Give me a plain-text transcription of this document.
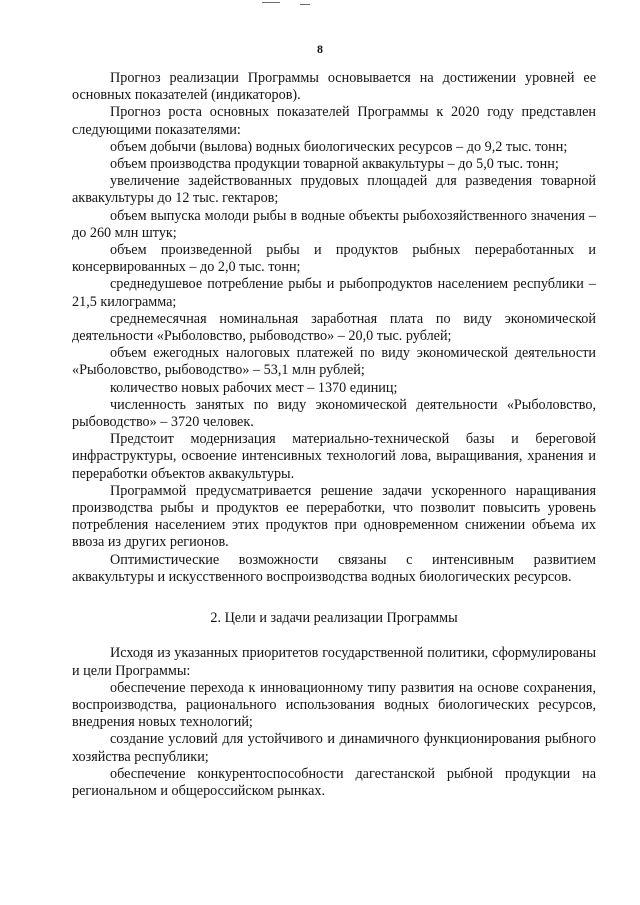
8

Прогноз реализации Программы основывается на достижении уровней ее основных показателей (индикаторов).

Прогноз роста основных показателей Программы к 2020 году представлен следующими показателями:

объем добычи (вылова) водных биологических ресурсов – до 9,2 тыс. тонн;

объем производства продукции товарной аквакультуры – до 5,0 тыс. тонн;

увеличение задействованных прудовых площадей для разведения товарной аквакультуры до 12 тыс. гектаров;

объем выпуска молоди рыбы в водные объекты рыбохозяйственного значения – до 260 млн штук;

объем произведенной рыбы и продуктов рыбных переработанных и консервированных – до 2,0 тыс. тонн;

среднедушевое потребление рыбы и рыбопродуктов населением республики – 21,5 килограмма;

среднемесячная номинальная заработная плата по виду экономической деятельности «Рыболовство, рыбоводство» – 20,0 тыс. рублей;

объем ежегодных налоговых платежей по виду экономической деятельности «Рыболовство, рыбоводство» – 53,1 млн рублей;

количество новых рабочих мест – 1370 единиц;

численность занятых по виду экономической деятельности «Рыболовство, рыбоводство» – 3720 человек.

Предстоит модернизация материально-технической базы и береговой инфраструктуры, освоение интенсивных технологий лова, выращивания, хранения и переработки объектов аквакультуры.

Программой предусматривается решение задачи ускоренного наращивания производства рыбы и продуктов ее переработки, что позволит повысить уровень потребления населением этих продуктов при одновременном снижении объема их ввоза из других регионов.

Оптимистические возможности связаны с интенсивным развитием аквакультуры и искусственного воспроизводства водных биологических ресурсов.

2. Цели и задачи реализации Программы

Исходя из указанных приоритетов государственной политики, сформулированы и цели Программы:

обеспечение перехода к инновационному типу развития на основе сохранения, воспроизводства, рационального использования водных биологических ресурсов, внедрения новых технологий;

создание условий для устойчивого и динамичного функционирования рыбного хозяйства республики;

обеспечение конкурентоспособности дагестанской рыбной продукции на региональном и общероссийском рынках.
